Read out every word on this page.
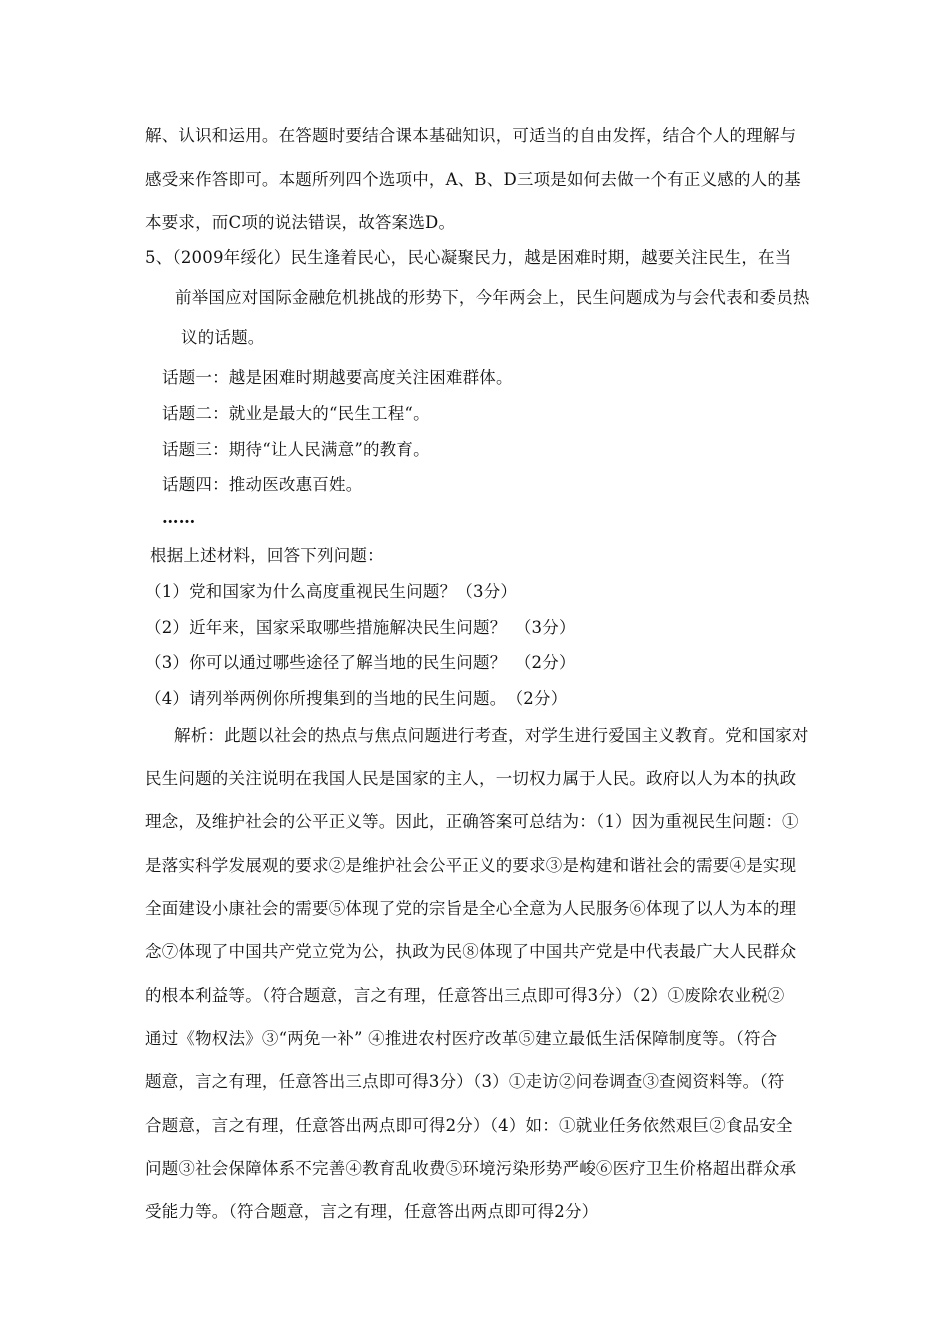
解、认识和运用。在答题时要结合课本基础知识，可适当的自由发挥，结合个人的理解与
感受来作答即可。本题所列四个选项中，A、B、D三项是如何去做一个有正义感的人的基
本要求，而C项的说法错误，故答案选D。
5、（2009年绥化）民生逢着民心，民心凝聚民力，越是困难时期，越要关注民生，在当
前举国应对国际金融危机挑战的形势下，今年两会上，民生问题成为与会代表和委员热
议的话题。
话题一：越是困难时期越要高度关注困难群体。
话题二：就业是最大的“民生工程“。
话题三：期待“让人民满意”的教育。
话题四：推动医改惠百姓。
……
根据上述材料，回答下列问题：
（1）党和国家为什么高度重视民生问题？（3分）
（2）近年来，国家采取哪些措施解决民生问题？　（3分）
（3）你可以通过哪些途径了解当地的民生问题？　（2分）
（4）请列举两例你所搜集到的当地的民生问题。　（2分）
解析：此题以社会的热点与焦点问题进行考查，对学生进行爱国主义教育。党和国家对
民生问题的关注说明在我国人民是国家的主人，一切权力属于人民。政府以人为本的执政
理念，及维护社会的公平正义等。因此，正确答案可总结为：（1）因为重视民生问题：①
是落实科学发展观的要求②是维护社会公平正义的要求③是构建和谐社会的需要④是实现
全面建设小康社会的需要⑤体现了党的宗旨是全心全意为人民服务⑥体现了以人为本的理
念⑦体现了中国共产党立党为公，执政为民⑧体现了中国共产党是中代表最广大人民群众
的根本利益等。（符合题意，言之有理，任意答出三点即可得3分）（2）①废除农业税②
通过《物权法》③“两免一补” ④推进农村医疗改革⑤建立最低生活保障制度等。（符合
题意，言之有理，任意答出三点即可得3分）（3）①走访②问卷调查③查阅资料等。（符
合题意，言之有理，任意答出两点即可得2分）（4）如：①就业任务依然艰巨②食品安全
问题③社会保障体系不完善④教育乱收费⑤环境污染形势严峻⑥医疗卫生价格超出群众承
受能力等。（符合题意，言之有理，任意答出两点即可得2分）
